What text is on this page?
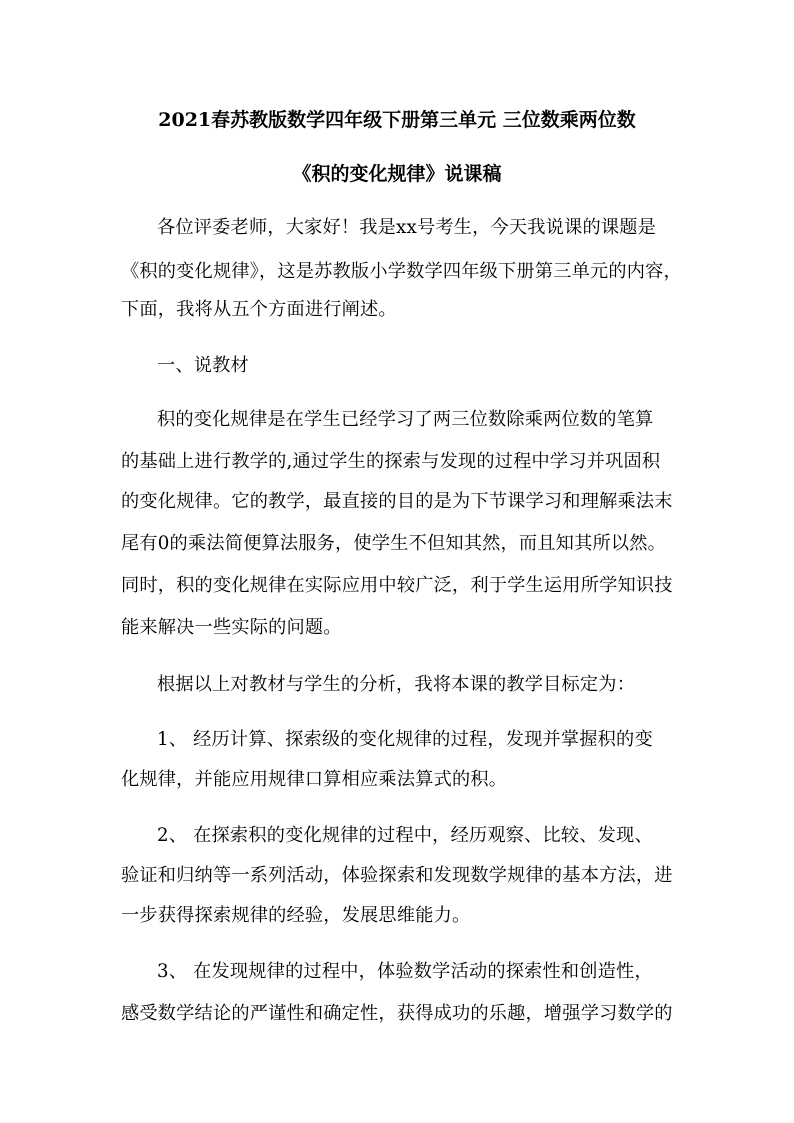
2021春苏教版数学四年级下册第三单元 三位数乘两位数
《积的变化规律》说课稿
各位评委老师，大家好！我是xx号考生，今天我说课的课题是
《积的变化规律》，这是苏教版小学数学四年级下册第三单元的内容，
下面，我将从五个方面进行阐述。
一、说教材
积的变化规律是在学生已经学习了两三位数除乘两位数的笔算
的基础上进行教学的,通过学生的探索与发现的过程中学习并巩固积
的变化规律。它的教学，最直接的目的是为下节课学习和理解乘法末
尾有0的乘法简便算法服务，使学生不但知其然，而且知其所以然。
同时，积的变化规律在实际应用中较广泛，利于学生运用所学知识技
能来解决一些实际的问题。
根据以上对教材与学生的分析，我将本课的教学目标定为：
1、 经历计算、探索级的变化规律的过程，发现并掌握积的变
化规律，并能应用规律口算相应乘法算式的积。
2、 在探索积的变化规律的过程中，经历观察、比较、发现、
验证和归纳等一系列活动，体验探索和发现数学规律的基本方法，进
一步获得探索规律的经验，发展思维能力。
3、 在发现规律的过程中，体验数学活动的探索性和创造性，
感受数学结论的严谨性和确定性，获得成功的乐趣，增强学习数学的
